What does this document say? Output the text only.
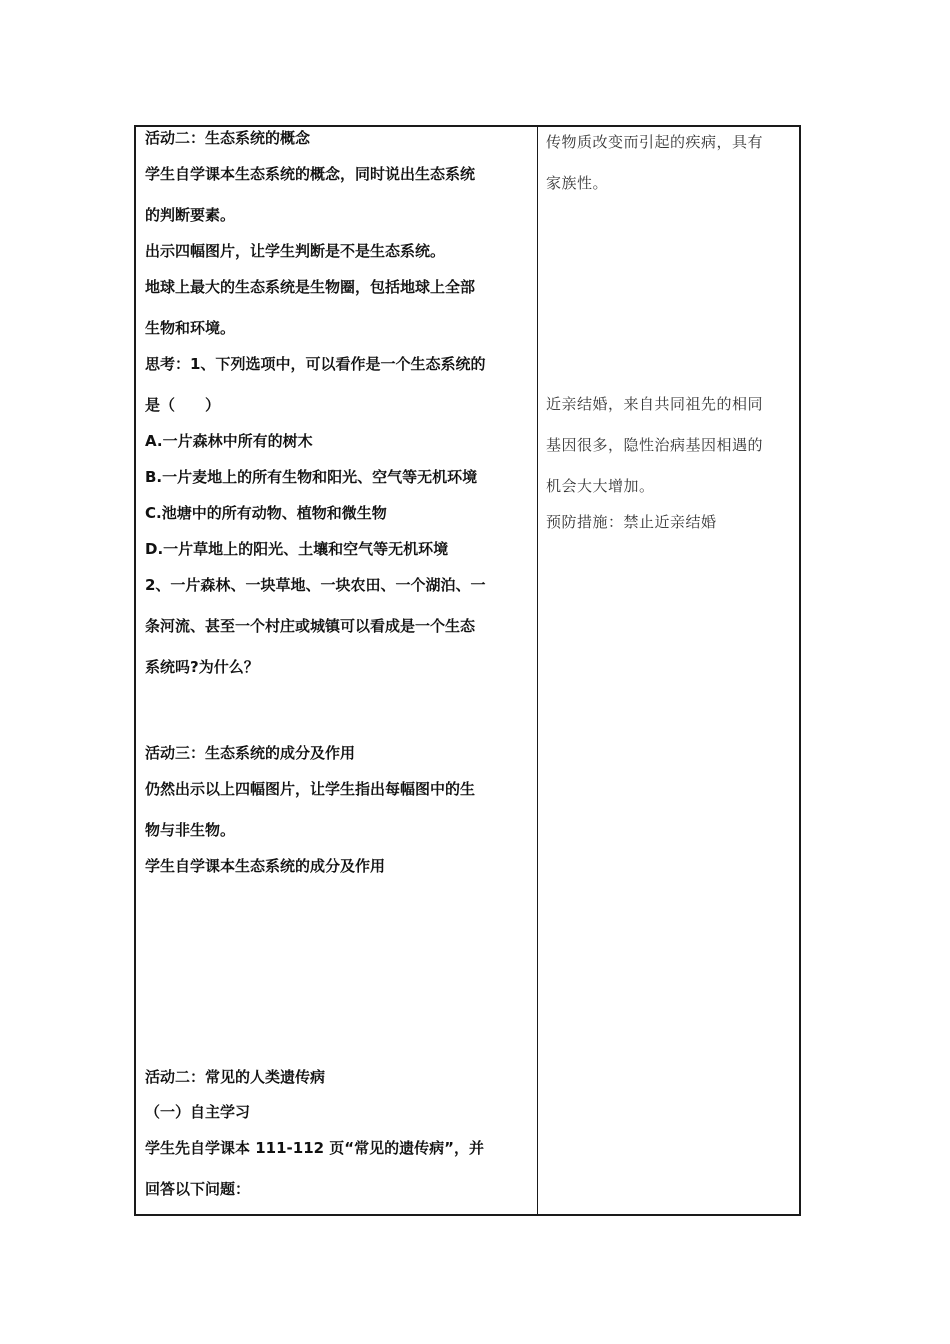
活动二：生态系统的概念
学生自学课本生态系统的概念，同时说出生态系统
的判断要素。
出示四幅图片，让学生判断是不是生态系统。
地球上最大的生态系统是生物圈，包括地球上全部
生物和环境。
思考：1、下列选项中，可以看作是一个生态系统的
是（　　）
A.一片森林中所有的树木
B.一片麦地上的所有生物和阳光、空气等无机环境
C.池塘中的所有动物、植物和微生物
D.一片草地上的阳光、土壤和空气等无机环境
2、一片森林、一块草地、一块农田、一个湖泊、一
条河流、甚至一个村庄或城镇可以看成是一个生态
系统吗?为什么？
活动三：生态系统的成分及作用
仍然出示以上四幅图片，让学生指出每幅图中的生
物与非生物。
学生自学课本生态系统的成分及作用
活动二：常见的人类遗传病
（一）自主学习
学生先自学课本 111-112 页“常见的遗传病”，并
回答以下问题：
传物质改变而引起的疾病，具有
家族性。
近亲结婚，来自共同祖先的相同
基因很多，隐性治病基因相遇的
机会大大增加。
预防措施：禁止近亲结婚
